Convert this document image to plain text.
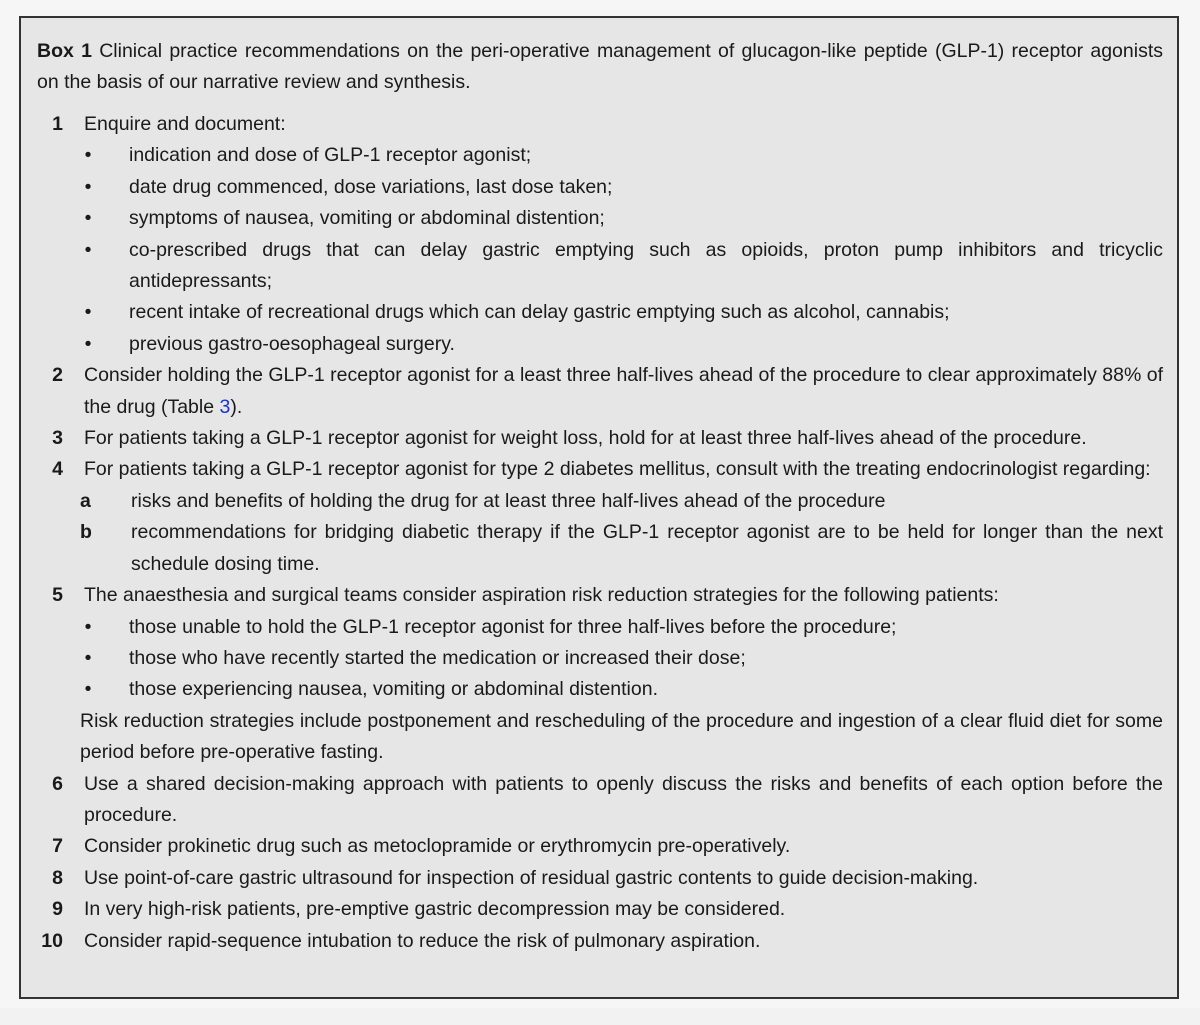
Box 1 Clinical practice recommendations on the peri-operative management of glucagon-like peptide (GLP-1) receptor agonists on the basis of our narrative review and synthesis.
1 Enquire and document:
•	indication and dose of GLP-1 receptor agonist;
•	date drug commenced, dose variations, last dose taken;
•	symptoms of nausea, vomiting or abdominal distention;
•	co-prescribed drugs that can delay gastric emptying such as opioids, proton pump inhibitors and tricyclic antidepressants;
•	recent intake of recreational drugs which can delay gastric emptying such as alcohol, cannabis;
•	previous gastro-oesophageal surgery.
2 Consider holding the GLP-1 receptor agonist for a least three half-lives ahead of the procedure to clear approximately 88% of the drug (Table 3).
3 For patients taking a GLP-1 receptor agonist for weight loss, hold for at least three half-lives ahead of the procedure.
4 For patients taking a GLP-1 receptor agonist for type 2 diabetes mellitus, consult with the treating endocrinologist regarding:
a risks and benefits of holding the drug for at least three half-lives ahead of the procedure
b recommendations for bridging diabetic therapy if the GLP-1 receptor agonist are to be held for longer than the next schedule dosing time.
5 The anaesthesia and surgical teams consider aspiration risk reduction strategies for the following patients:
•	those unable to hold the GLP-1 receptor agonist for three half-lives before the procedure;
•	those who have recently started the medication or increased their dose;
•	those experiencing nausea, vomiting or abdominal distention.
Risk reduction strategies include postponement and rescheduling of the procedure and ingestion of a clear fluid diet for some period before pre-operative fasting.
6 Use a shared decision-making approach with patients to openly discuss the risks and benefits of each option before the procedure.
7 Consider prokinetic drug such as metoclopramide or erythromycin pre-operatively.
8 Use point-of-care gastric ultrasound for inspection of residual gastric contents to guide decision-making.
9 In very high-risk patients, pre-emptive gastric decompression may be considered.
10 Consider rapid-sequence intubation to reduce the risk of pulmonary aspiration.
